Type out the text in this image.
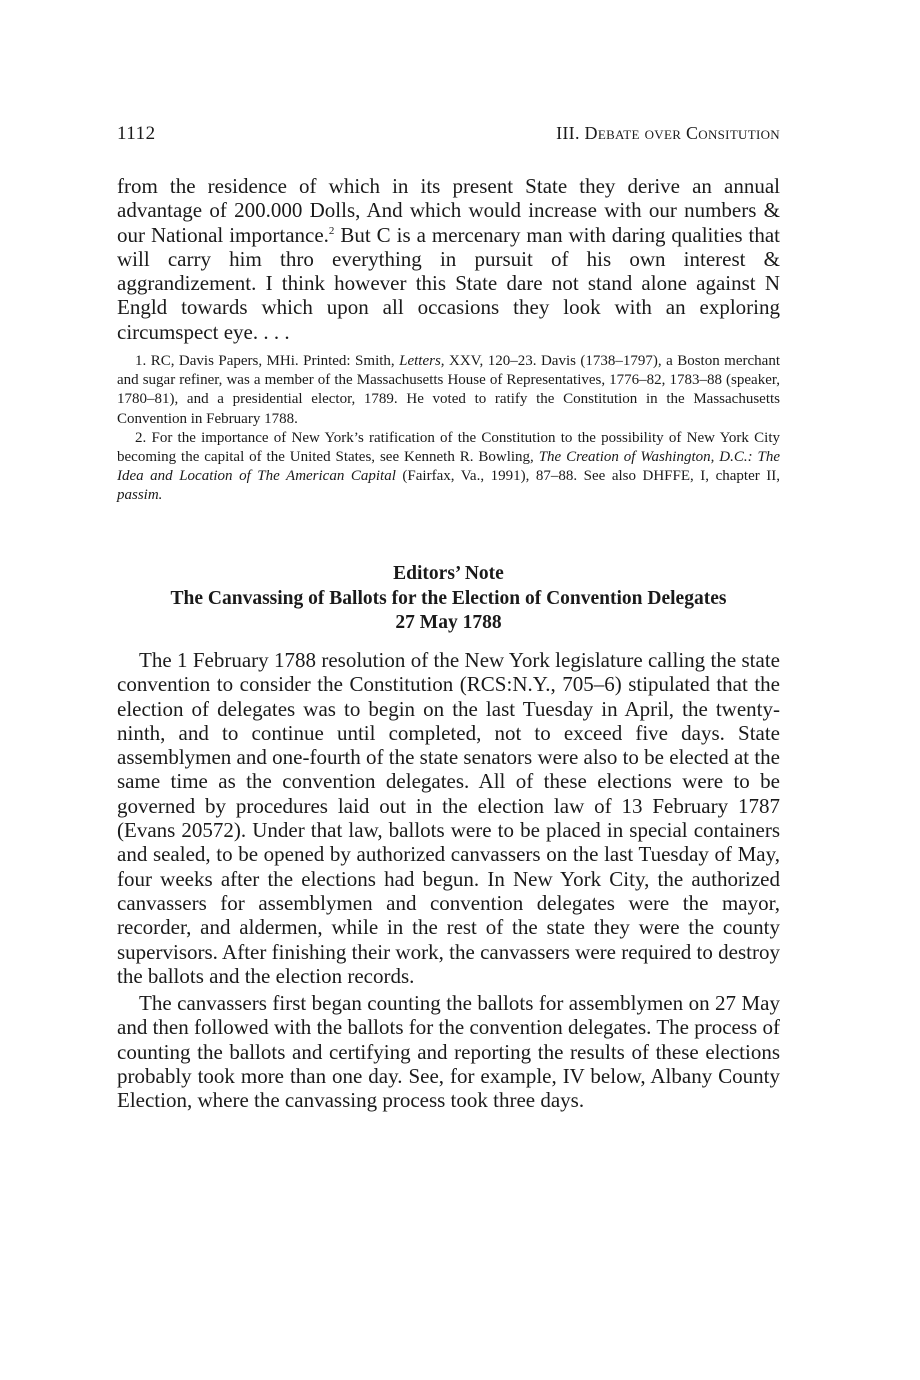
1112	III. Debate over Consitution

from the residence of which in its present State they derive an annual advantage of 200.000 Dolls, And which would increase with our numbers & our National importance.$^2$ But C is a mercenary man with daring qualities that will carry him thro everything in pursuit of his own interest & aggrandizement. I think however this State dare not stand alone against N Engld towards which upon all occasions they look with an exploring circumspect eye. . . .

1. RC, Davis Papers, MHi. Printed: Smith, Letters, XXV, 120–23. Davis (1738–1797), a Boston merchant and sugar refiner, was a member of the Massachusetts House of Representatives, 1776–82, 1783–88 (speaker, 1780–81), and a presidential elector, 1789. He voted to ratify the Constitution in the Massachusetts Convention in February 1788.

2. For the importance of New York’s ratification of the Constitution to the possibility of New York City becoming the capital of the United States, see Kenneth R. Bowling, The Creation of Washington, D.C.: The Idea and Location of The American Capital (Fairfax, Va., 1991), 87–88. See also DHFFE, I, chapter II, passim.

Editors’ Note
The Canvassing of Ballots for the Election of Convention Delegates
27 May 1788

The 1 February 1788 resolution of the New York legislature calling the state convention to consider the Constitution (RCS:N.Y., 705–6) stipulated that the election of delegates was to begin on the last Tuesday in April, the twenty-ninth, and to continue until completed, not to exceed five days. State assemblymen and one-fourth of the state senators were also to be elected at the same time as the convention delegates. All of these elections were to be governed by procedures laid out in the election law of 13 February 1787 (Evans 20572). Under that law, ballots were to be placed in special containers and sealed, to be opened by authorized canvassers on the last Tuesday of May, four weeks after the elections had begun. In New York City, the authorized canvassers for assemblymen and convention delegates were the mayor, recorder, and aldermen, while in the rest of the state they were the county supervisors. After finishing their work, the canvassers were required to destroy the ballots and the election records.

The canvassers first began counting the ballots for assemblymen on 27 May and then followed with the ballots for the convention delegates. The process of counting the ballots and certifying and reporting the results of these elections probably took more than one day. See, for example, IV below, Albany County Election, where the canvassing process took three days.
